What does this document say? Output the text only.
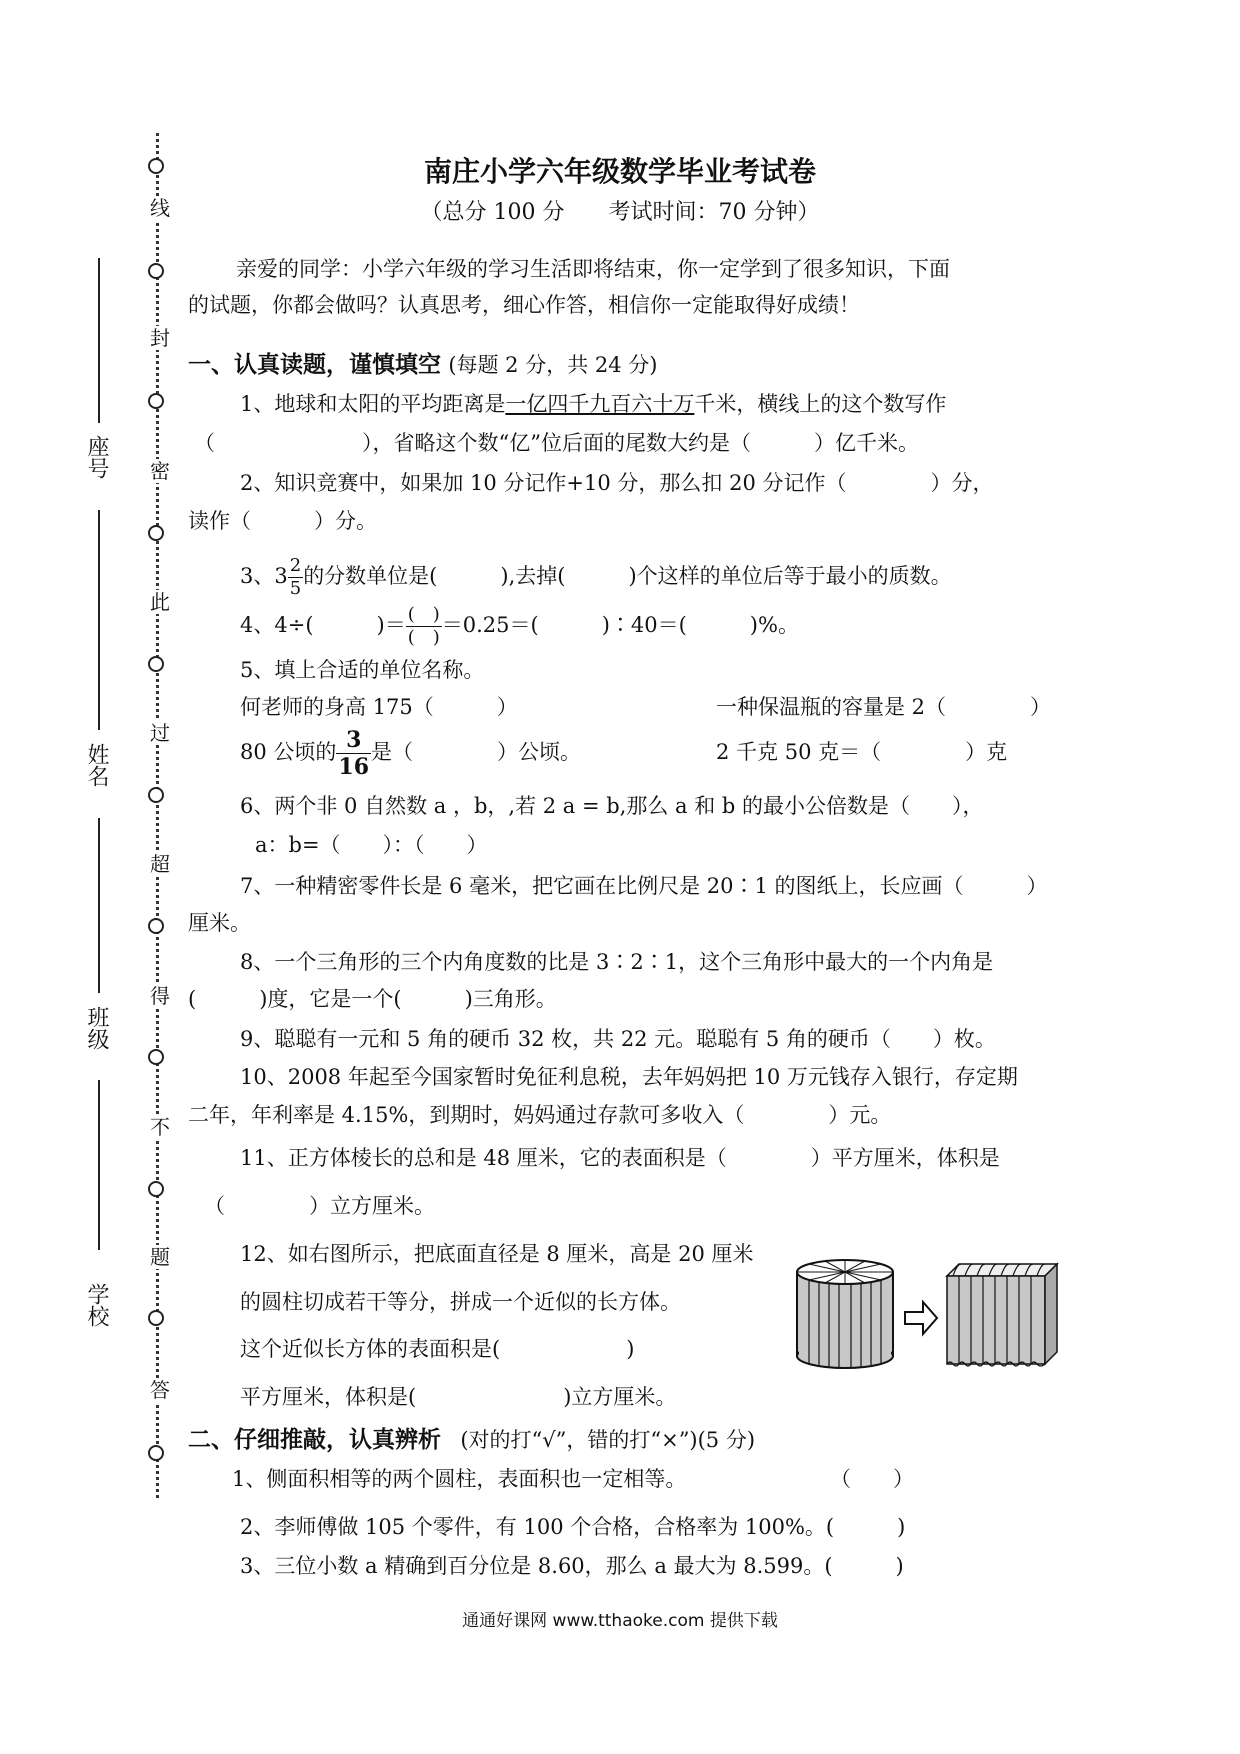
线
封
密
此
过
超
得
不
题
答
座号
姓名
班级
学校
南庄小学六年级数学毕业考试卷
（总分 100 分　　考试时间：70 分钟）
亲爱的同学：小学六年级的学习生活即将结束，你一定学到了很多知识，下面
的试题，你都会做吗？认真思考，细心作答，相信你一定能取得好成绩！
一、认真读题，谨慎填空 (每题 2 分，共 24 分)
1、地球和太阳的平均距离是一亿四千九百六十万千米，横线上的这个数写作
（　　　　　　　），省略这个数“亿”位后面的尾数大约是（　　　）亿千米。
2、知识竞赛中，如果加 10 分记作+10 分，那么扣 20 分记作（　　　　）分，
读作（　　　）分。
3、$3 \frac{2}{5}$ 的分数单位是(　　　),去掉(　　　)个这样的单位后等于最小的质数。
4、4÷(　　　)＝ $\frac{( )}{( )} =0.25=$(　　　)∶40＝(　　　)%。
5、填上合适的单位名称。
何老师的身高 175（　　　）	一种保温瓶的容量是 2（　　　　）
80 公顷的 $\frac{3}{16}$ 是（　　　　）公顷。	2 千克 50 克＝（　　　　）克
6、两个非 0 自然数 a ，b，,若 2 a = b,那么 a 和 b 的最小公倍数是（　　），
a：b=（　　）：（　　）
7、一种精密零件长是 6 毫米，把它画在比例尺是 20∶1 的图纸上，长应画（　　　）
厘米。
8、一个三角形的三个内角度数的比是 3∶2∶1，这个三角形中最大的一个内角是
(　　　)度，它是一个(　　　)三角形。
9、聪聪有一元和 5 角的硬币 32 枚，共 22 元。聪聪有 5 角的硬币（　　）枚。
10、2008 年起至今国家暂时免征利息税，去年妈妈把 10 万元钱存入银行，存定期
二年，年利率是 4.15%，到期时，妈妈通过存款可多收入（　　　　）元。
11、正方体棱长的总和是 48 厘米，它的表面积是（　　　　）平方厘米，体积是
（　　　　）立方厘米。
12、如右图所示，把底面直径是 8 厘米，高是 20 厘米
的圆柱切成若干等分，拼成一个近似的长方体。
这个近似长方体的表面积是(　　　　　　)
平方厘米，体积是(　　　　　　　)立方厘米。
二、仔细推敲，认真辨析 (对的打“√”，错的打“×”)(5 分)
1、侧面积相等的两个圆柱，表面积也一定相等。	（　　）
2、李师傅做 105 个零件，有 100 个合格，合格率为 100%。(　　　)
3、三位小数 a 精确到百分位是 8.60，那么 a 最大为 8.599。(　　　)
通通好课网 www.tthaoke.com 提供下载
